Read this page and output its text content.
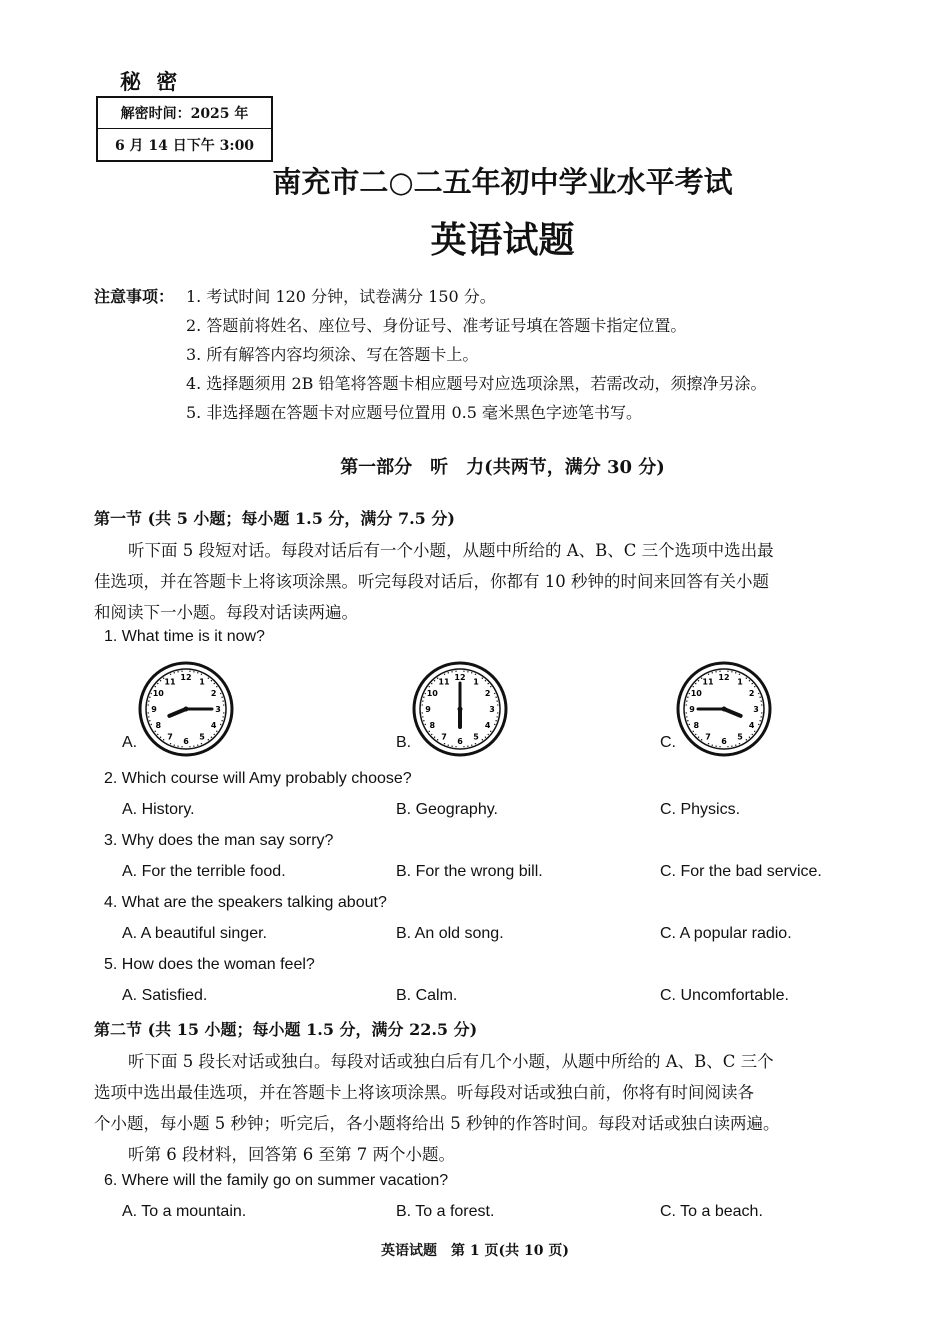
秘 密
解密时间：2025 年
6 月 14 日下午 3:00
南充市二○二五年初中学业水平考试
英语试题
注意事项： 1. 考试时间 120 分钟，试卷满分 150 分。
2. 答题前将姓名、座位号、身份证号、准考证号填在答题卡指定位置。
3. 所有解答内容均须涂、写在答题卡上。
4. 选择题须用 2B 铅笔将答题卡相应题号对应选项涂黑，若需改动，须擦净另涂。
5. 非选择题在答题卡对应题号位置用 0.5 毫米黑色字迹笔书写。
第一部分　听　力(共两节，满分 30 分)
第一节 (共 5 小题；每小题 1.5 分，满分 7.5 分)
听下面 5 段短对话。每段对话后有一个小题，从题中所给的 A、B、C 三个选项中选出最
佳选项，并在答题卡上将该项涂黑。听完每段对话后，你都有 10 秒钟的时间来回答有关小题
和阅读下一小题。每段对话读两遍。
1. What time is it now?
A.	B.	C.
1
2
3
4
5
6
7
8
9
10
11 12	1
2
3
4
5
6
7
8
9
10
11 12	1
2
3
4
5
6
7
8
9
10
11 12
2. Which course will Amy probably choose?
A. History.	B. Geography.	C. Physics.
3. Why does the man say sorry?
A. For the terrible food.	B. For the wrong bill.	C. For the bad service.
4. What are the speakers talking about?
A. A beautiful singer.	B. An old song.	C. A popular radio.
5. How does the woman feel?
A. Satisfied.	B. Calm.	C. Uncomfortable.
第二节 (共 15 小题；每小题 1.5 分，满分 22.5 分)
听下面 5 段长对话或独白。每段对话或独白后有几个小题，从题中所给的 A、B、C 三个
选项中选出最佳选项，并在答题卡上将该项涂黑。听每段对话或独白前，你将有时间阅读各
个小题，每小题 5 秒钟；听完后，各小题将给出 5 秒钟的作答时间。每段对话或独白读两遍。
听第 6 段材料，回答第 6 至第 7 两个小题。
6. Where will the family go on summer vacation?
A. To a mountain.	B. To a forest.	C. To a beach.
英语试题　第 1 页(共 10 页)
